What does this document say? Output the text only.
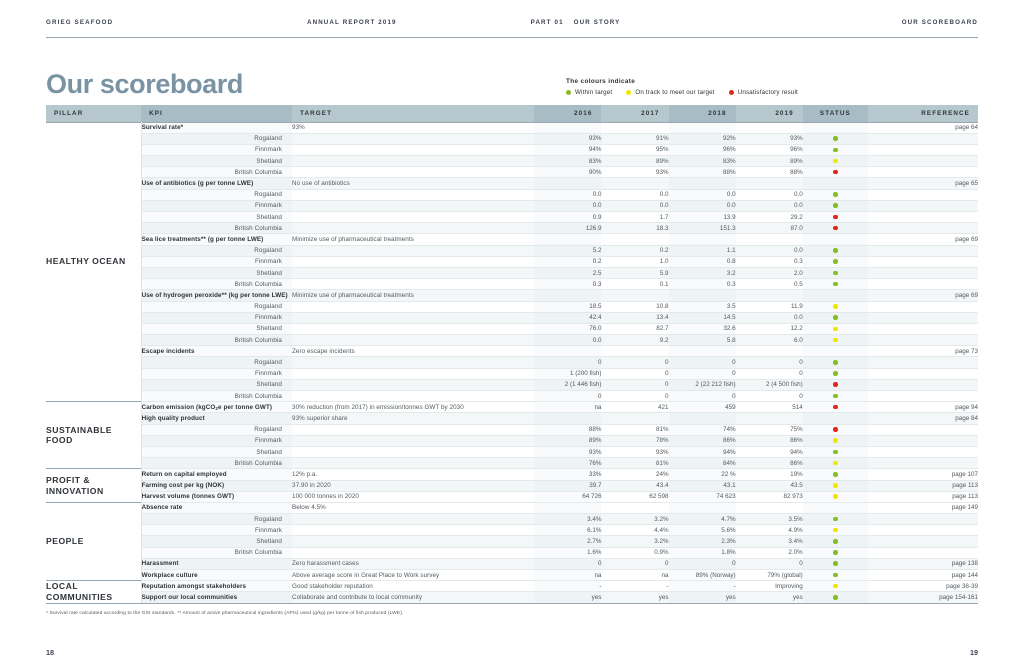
GRIEG SEAFOOD	ANNUAL REPORT 2019	PART 01 OUR STORY	OUR SCOREBOARD
Our scoreboard	The colours indicate
Within target	On track to meet our target	Unsatisfactory result
PILLAR	KPI	TARGET	2016	2017	2018	2019	STATUS	REFERENCE
HEALTHY OCEAN	Survival rate*	93%						page 64
	Rogaland		93%	91%	92%	93%		
	Finnmark		94%	95%	96%	96%		
	Shetland		83%	89%	83%	89%		
	British Columbia		90%	93%	88%	88%		
	Use of antibiotics (g per tonne LWE)	No use of antibiotics						page 65
	Rogaland		0.0	0.0	0.0	0.0		
	Finnmark		0.0	0.0	0.0	0.0		
	Shetland		0.9	1.7	13.9	29.2		
	British Columbia		126.9	18.3	151.3	87.0		
	Sea lice treatments** (g per tonne LWE)	Minimize use of pharmaceutical treatments						page 69
	Rogaland		5.2	0.2	1.1	0.0		
	Finnmark		0.2	1.0	0.8	0.3		
	Shetland		2.5	5.9	3.2	2.0		
	British Columbia		0.3	0.1	0.3	0.5		
	Use of hydrogen peroxide** (kg per tonne LWE)	Minimize use of pharmaceutical treatments						page 69
	Rogaland		18.5	10.8	3.5	11.9		
	Finnmark		42.4	13.4	14.5	0.0		
	Shetland		76.0	82.7	32.6	12.2		
	British Columbia		0.0	9.2	5.8	6.0		
	Escape incidents	Zero escape incidents						page 73
	Rogaland		0	0	0	0		
	Finnmark		1 (200 fish)	0	0	0		
	Shetland		2 (1 446 fish)	0	2 (22 212 fish)	2 (4 500 fish)		
	British Columbia		0	0	0	0		
SUSTAINABLE FOOD	Carbon emission (kgCO$_2$e per tonne GWT)	30% reduction (from 2017) in emission/tonnes GWT by 2030	na	421	459	514		page 94
	High quality product	93% superior share						page 84
	Rogaland		88%	81%	74%	75%		
	Finnmark		89%	78%	86%	86%		
	Shetland		93%	93%	94%	94%		
	British Columbia		76%	81%	84%	86%		
PROFIT & INNOVATION	Return on capital employed	12% p.a.	33%	24%	22 %	19%		page 107
	Farming cost per kg (NOK)	37.90 in 2020	39.7	43.4	43.1	43.5		page 113
	Harvest volume (tonnes GWT)	100 000 tonnes in 2020	64 726	62 598	74 623	82 973		page 113
PEOPLE	Absence rate	Below 4.5%						page 149
	Rogaland		3.4%	3.2%	4.7%	3.5%		
	Finnmark		6.1%	4.4%	5.6%	4.9%		
	Shetland		2.7%	3.2%	2.3%	3.4%		
	British Columbia		1.6%	0.9%	1.8%	2.0%		
	Harassment	Zero harassment cases	0	0	0	0		page 138
	Workplace culture	Above average score in Great Place to Work survey	na	na	89% (Norway)	79% (global)		page 144
LOCAL COMMUNITIES	Reputation amongst stakeholders	Good stakeholder reputation	-	-	-	Improving		page 38-39
	Support our local communities	Collaborate and contribute to local community	yes	yes	yes	yes		page 154-161
* Survival rate calculated according to the GSI standards. ** Amount of active pharmaceutical ingredients (APIs) used (g/kg) per tonne of fish produced (LWE).
18	19
